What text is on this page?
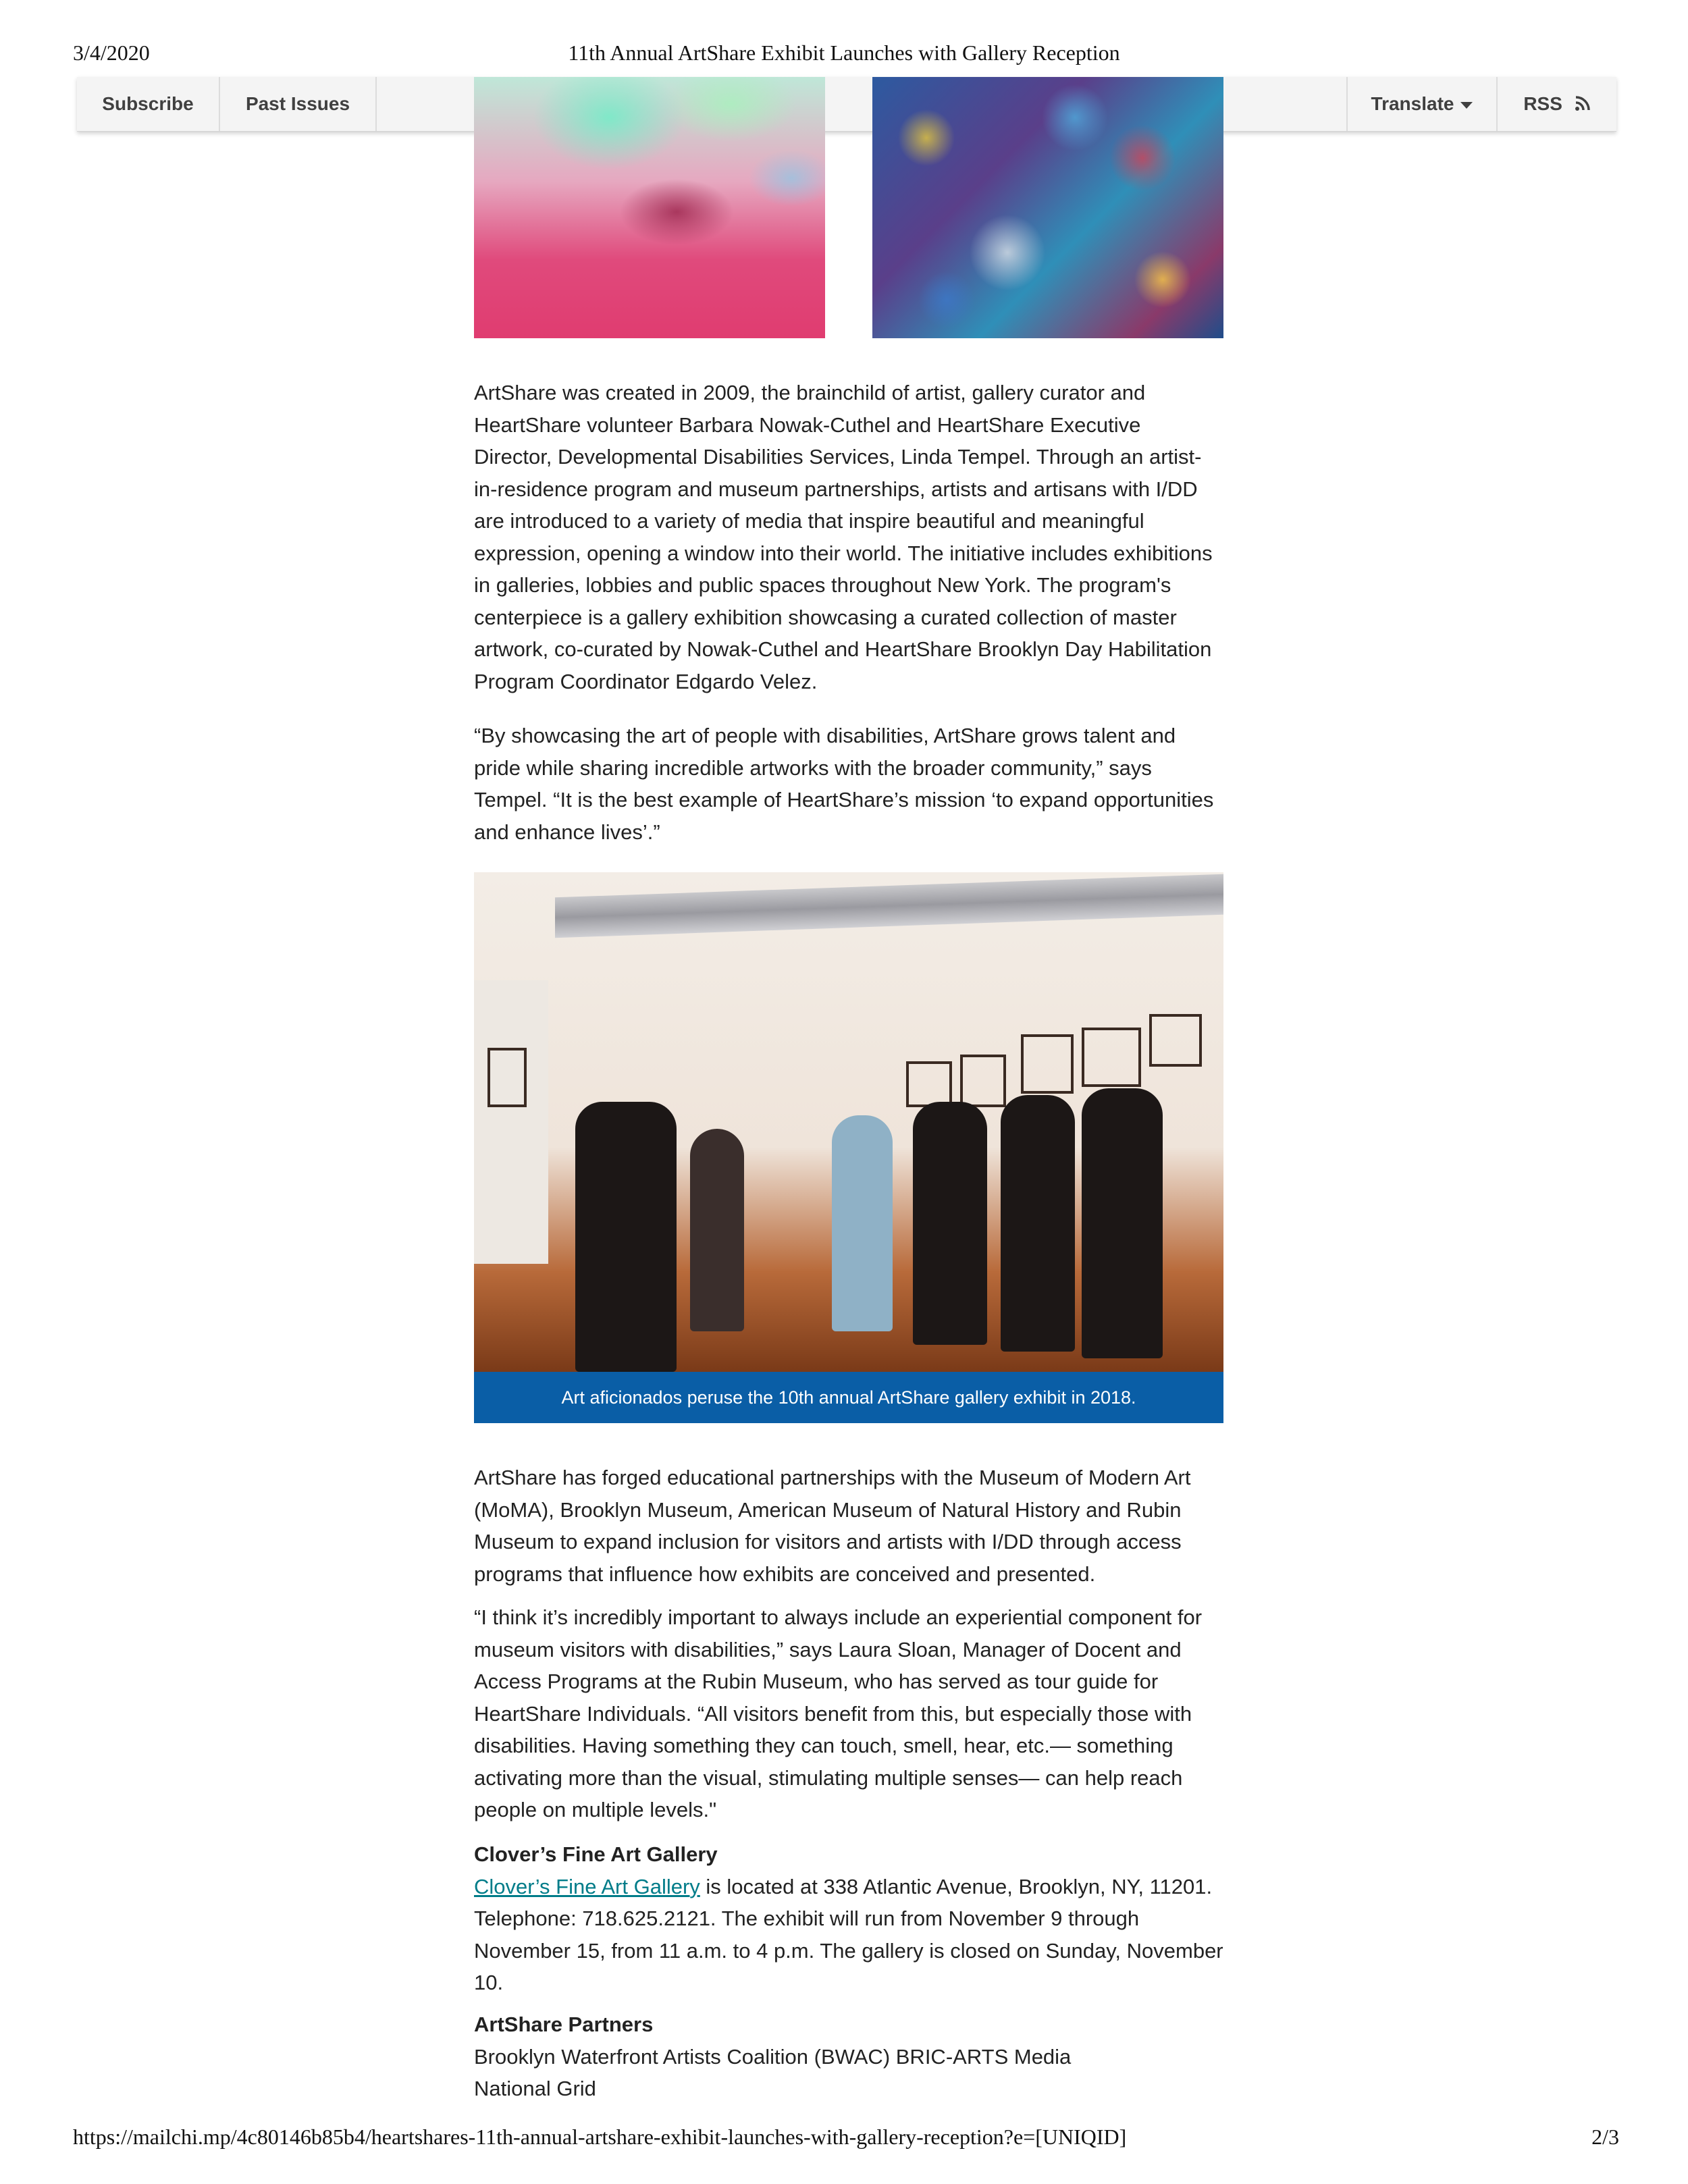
3/4/2020	11th Annual ArtShare Exhibit Launches with Gallery Reception
Subscribe	Past Issues	Translate	RSS

ArtShare was created in 2009, the brainchild of artist, gallery curator and HeartShare volunteer Barbara Nowak-Cuthel and HeartShare Executive Director, Developmental Disabilities Services, Linda Tempel. Through an artist-in-residence program and museum partnerships, artists and artisans with I/DD are introduced to a variety of media that inspire beautiful and meaningful expression, opening a window into their world. The initiative includes exhibitions in galleries, lobbies and public spaces throughout New York. The program's centerpiece is a gallery exhibition showcasing a curated collection of master artwork, co-curated by Nowak-Cuthel and HeartShare Brooklyn Day Habilitation Program Coordinator Edgardo Velez.

“By showcasing the art of people with disabilities, ArtShare grows talent and pride while sharing incredible artworks with the broader community,” says Tempel. “It is the best example of HeartShare’s mission ‘to expand opportunities and enhance lives’.”

Art aficionados peruse the 10th annual ArtShare gallery exhibit in 2018.

ArtShare has forged educational partnerships with the Museum of Modern Art (MoMA), Brooklyn Museum, American Museum of Natural History and Rubin Museum to expand inclusion for visitors and artists with I/DD through access programs that influence how exhibits are conceived and presented.

“I think it’s incredibly important to always include an experiential component for museum visitors with disabilities,” says Laura Sloan, Manager of Docent and Access Programs at the Rubin Museum, who has served as tour guide for HeartShare Individuals. “All visitors benefit from this, but especially those with disabilities. Having something they can touch, smell, hear, etc.— something activating more than the visual, stimulating multiple senses— can help reach people on multiple levels."

Clover’s Fine Art Gallery

Clover’s Fine Art Gallery is located at 338 Atlantic Avenue, Brooklyn, NY, 11201. Telephone: 718.625.2121. The exhibit will run from November 9 through November 15, from 11 a.m. to 4 p.m. The gallery is closed on Sunday, November 10.

ArtShare Partners

Brooklyn Waterfront Artists Coalition (BWAC) BRIC-ARTS Media

National Grid

https://mailchi.mp/4c80146b85b4/heartshares-11th-annual-artshare-exhibit-launches-with-gallery-reception?e=[UNIQID]	2/3
